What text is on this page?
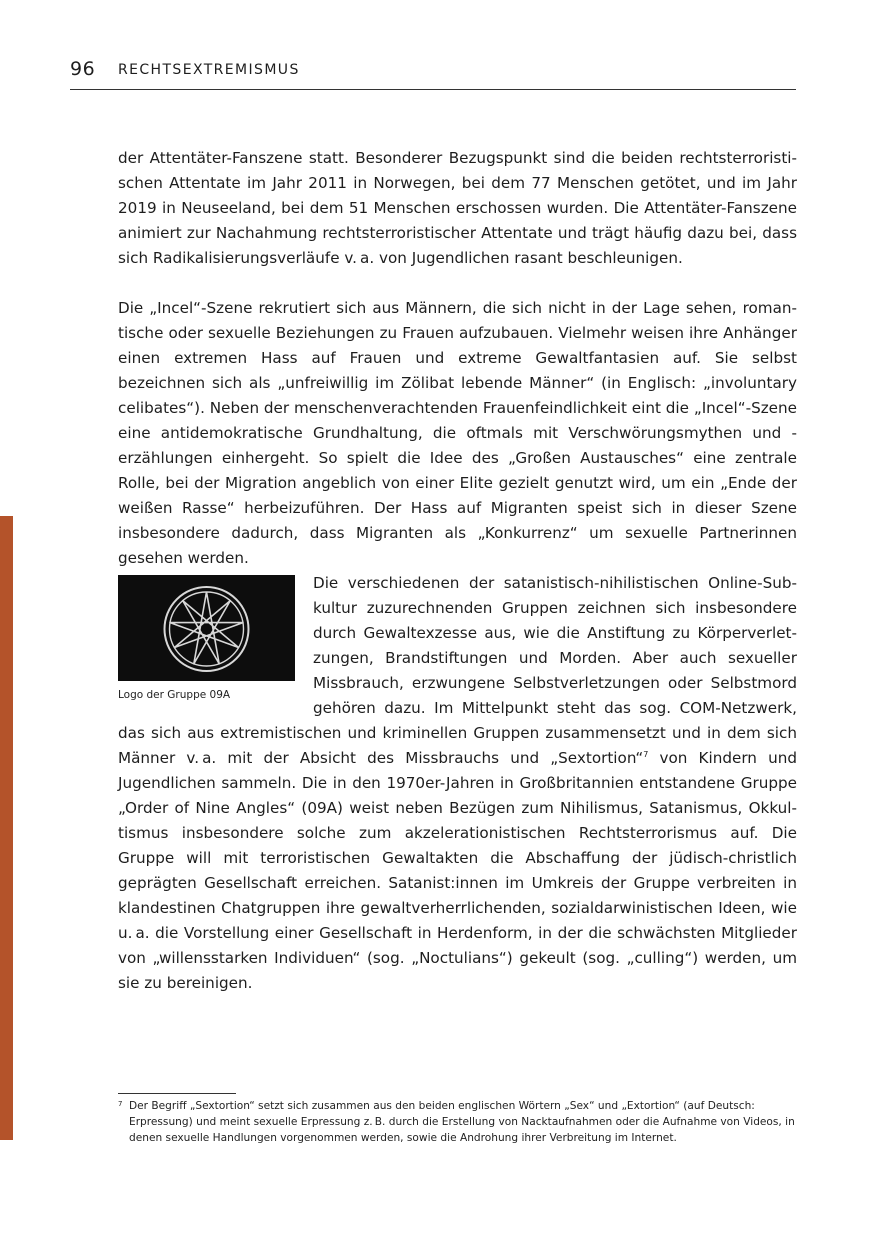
96 RECHTSEXTREMISMUS

der Attentäter-Fanszene statt. Besonderer Bezugspunkt sind die beiden rechtsterroristischen Attentate im Jahr 2011 in Norwegen, bei dem 77 Menschen getötet, und im Jahr 2019 in Neuseeland, bei dem 51 Menschen erschossen wurden. Die Attentäter-Fanszene animiert zur Nachahmung rechtsterroristischer Attentate und trägt häufig dazu bei, dass sich Radikalisierungsverläufe v. a. von Jugendlichen rasant beschleunigen.

Die „Incel“-Szene rekrutiert sich aus Männern, die sich nicht in der Lage sehen, romantische oder sexuelle Beziehungen zu Frauen aufzubauen. Vielmehr weisen ihre Anhänger einen extremen Hass auf Frauen und extreme Gewaltfantasien auf. Sie selbst bezeichnen sich als „unfreiwillig im Zölibat lebende Männer“ (in Englisch: „involuntary celibates“). Neben der menschenverachtenden Frauenfeindlichkeit eint die „Incel“-Szene eine antidemokratische Grundhaltung, die oftmals mit Verschwörungsmythen und -erzählungen einhergeht. So spielt die Idee des „Großen Austausches“ eine zentrale Rolle, bei der Migration angeblich von einer Elite gezielt genutzt wird, um ein „Ende der weißen Rasse“ herbeizuführen. Der Hass auf Migranten speist sich in dieser Szene insbesondere dadurch, dass Migranten als „Konkurrenz“ um sexuelle Partnerinnen gesehen werden.

Logo der Gruppe 09A

Die verschiedenen der satanistisch-nihilistischen Online-Subkultur zuzurechnenden Gruppen zeichnen sich insbesondere durch Gewaltexzesse aus, wie die Anstiftung zu Körperverletzungen, Brandstiftungen und Morden. Aber auch sexueller Missbrauch, erzwungene Selbstverletzungen oder Selbstmord gehören dazu. Im Mittelpunkt steht das sog. COM-Netzwerk, das sich aus extremistischen und kriminellen Gruppen zusammensetzt und in dem sich Männer v. a. mit der Absicht des Missbrauchs und „Sextortion“$^7$ von Kindern und Jugendlichen sammeln. Die in den 1970er-Jahren in Großbritannien entstandene Gruppe „Order of Nine Angles“ (09A) weist neben Bezügen zum Nihilismus, Satanismus, Okkultismus insbesondere solche zum akzelerationistischen Rechtsterrorismus auf. Die Gruppe will mit terroristischen Gewaltakten die Abschaffung der jüdisch-christlich geprägten Gesellschaft erreichen. Satanist:innen im Umkreis der Gruppe verbreiten in klandestinen Chatgruppen ihre gewaltverherrlichenden, sozialdarwinistischen Ideen, wie u. a. die Vorstellung einer Gesellschaft in Herdenform, in der die schwächsten Mitglieder von „willensstarken Individuen“ (sog. „Noctulians“) gekeult (sog. „culling“) werden, um sie zu bereinigen.

7 Der Begriff „Sextortion“ setzt sich zusammen aus den beiden englischen Wörtern „Sex“ und „Extortion“ (auf Deutsch: Erpressung) und meint sexuelle Erpressung z. B. durch die Erstellung von Nacktaufnahmen oder die Aufnahme von Videos, in denen sexuelle Handlungen vorgenommen werden, sowie die Androhung ihrer Verbreitung im Internet.
